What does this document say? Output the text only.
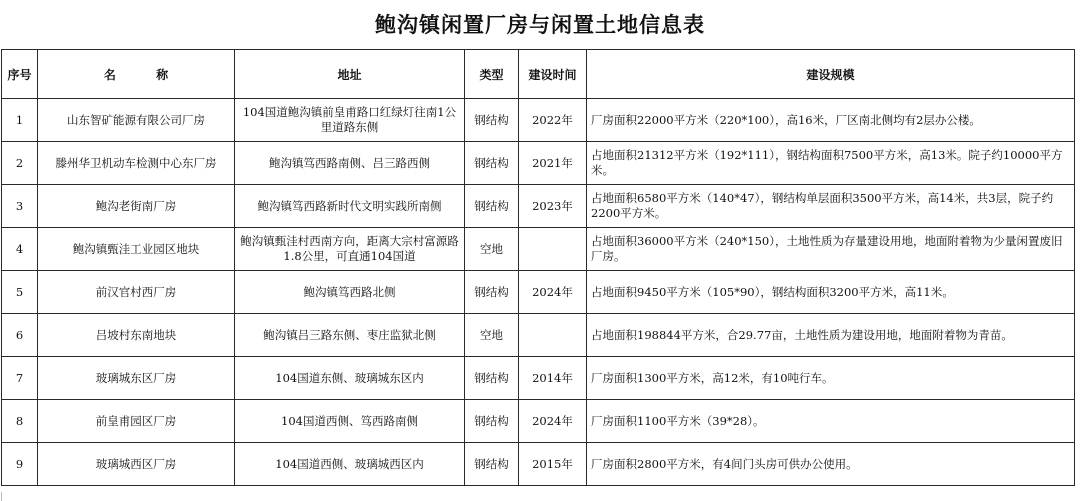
鲍沟镇闲置厂房与闲置土地信息表
序号	名 称	地址	类型	建设时间	建设规模
1	山东智矿能源有限公司厂房	104国道鲍沟镇前皇甫路口红绿灯往南1公里道路东侧	钢结构	2022年	厂房面积22000平方米（220*100），高16米，厂区南北侧均有2层办公楼。
2	滕州华卫机动车检测中心东厂房	鲍沟镇笃西路南侧、吕三路西侧	钢结构	2021年	占地面积21312平方米（192*111），钢结构面积7500平方米，高13米。院子约10000平方米。
3	鲍沟老街南厂房	鲍沟镇笃西路新时代文明实践所南侧	钢结构	2023年	占地面积6580平方米（140*47），钢结构单层面积3500平方米，高14米，共3层，院子约2200平方米。
4	鲍沟镇甄洼工业园区地块	鲍沟镇甄洼村西南方向，距离大宗村富源路1.8公里，可直通104国道	空地		占地面积36000平方米（240*150），土地性质为存量建设用地，地面附着物为少量闲置废旧厂房。
5	前汉官村西厂房	鲍沟镇笃西路北侧	钢结构	2024年	占地面积9450平方米（105*90），钢结构面积3200平方米，高11米。
6	吕坡村东南地块	鲍沟镇吕三路东侧、枣庄监狱北侧	空地		占地面积198844平方米，合29.77亩，土地性质为建设用地，地面附着物为青苗。
7	玻璃城东区厂房	104国道东侧、玻璃城东区内	钢结构	2014年	厂房面积1300平方米，高12米，有10吨行车。
8	前皇甫园区厂房	104国道西侧、笃西路南侧	钢结构	2024年	厂房面积1100平方米（39*28）。
9	玻璃城西区厂房	104国道西侧、玻璃城西区内	钢结构	2015年	厂房面积2800平方米，有4间门头房可供办公使用。
